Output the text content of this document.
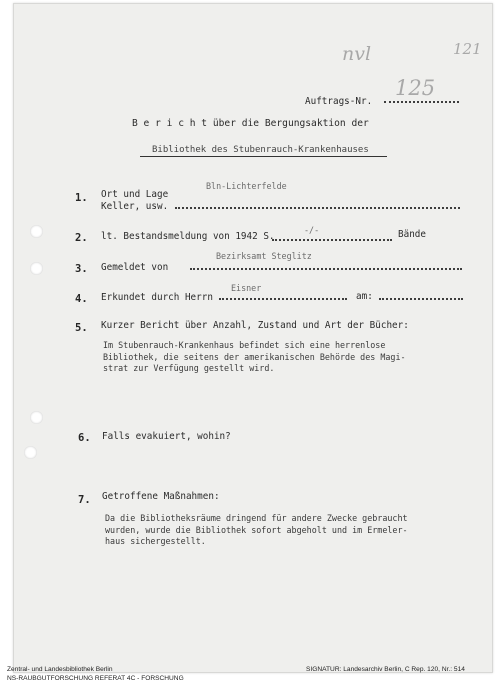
121
nvl
125
Auftrags-Nr.
B e r i c h t über die Bergungsaktion der
Bibliothek des Stubenrauch-Krankenhauses
1. Ort und Lage
Keller, usw.
Bln-Lichterfelde
2. lt. Bestandsmeldung von 1942 S.
-/-	Bände
3. Gemeldet von
Bezirksamt Steglitz
4. Erkundet durch Herrn
Eisner
am:
5. Kurzer Bericht über Anzahl, Zustand und Art der Bücher:
Im Stubenrauch-Krankenhaus befindet sich eine herrenlose
Bibliothek, die seitens der amerikanischen Behörde des Magi-
strat zur Verfügung gestellt wird.
6. Falls evakuiert, wohin?
7. Getroffene Maßnahmen:
Da die Bibliotheksräume dringend für andere Zwecke gebraucht
wurden, wurde die Bibliothek sofort abgeholt und im Ermeler-
haus sichergestellt.
Zentral- und Landesbibliothek Berlin
NS-RAUBGUTFORSCHUNG REFERAT 4C - FORSCHUNG
SIGNATUR: Landesarchiv Berlin, C Rep. 120, Nr.: 514
